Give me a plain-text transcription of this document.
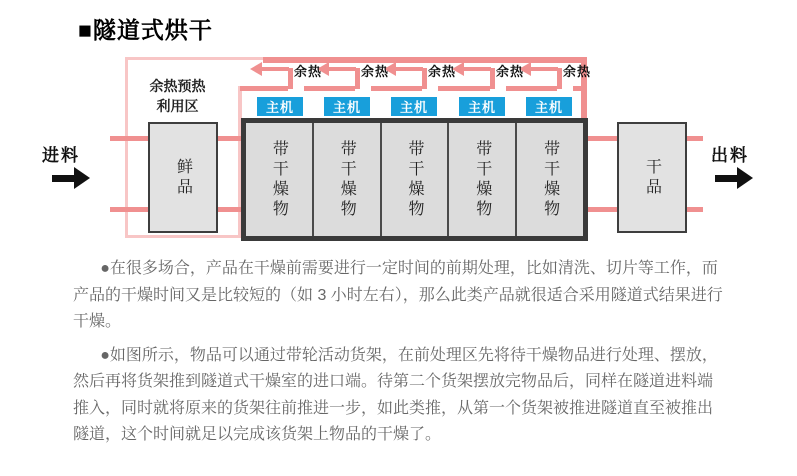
■隧道式烘干
余热	余热	余热	余热	余热
余热预热
利用区
鲜品	带干燥物	带干燥物	带干燥物	带干燥物	带干燥物	干品
主机	主机	主机	主机	主机
进料	出料

●在很多场合，产品在干燥前需要进行一定时间的前期处理，比如清洗、切片等工作，而产品的干燥时间又是比较短的（如 3 小时左右），那么此类产品就很适合采用隧道式结果进行干燥。

●如图所示，物品可以通过带轮活动货架，在前处理区先将待干燥物品进行处理、摆放，然后再将货架推到隧道式干燥室的进口端。待第二个货架摆放完物品后，同样在隧道进料端推入，同时就将原来的货架往前推进一步，如此类推，从第一个货架被推进隧道直至被推出隧道，这个时间就足以完成该货架上物品的干燥了。
